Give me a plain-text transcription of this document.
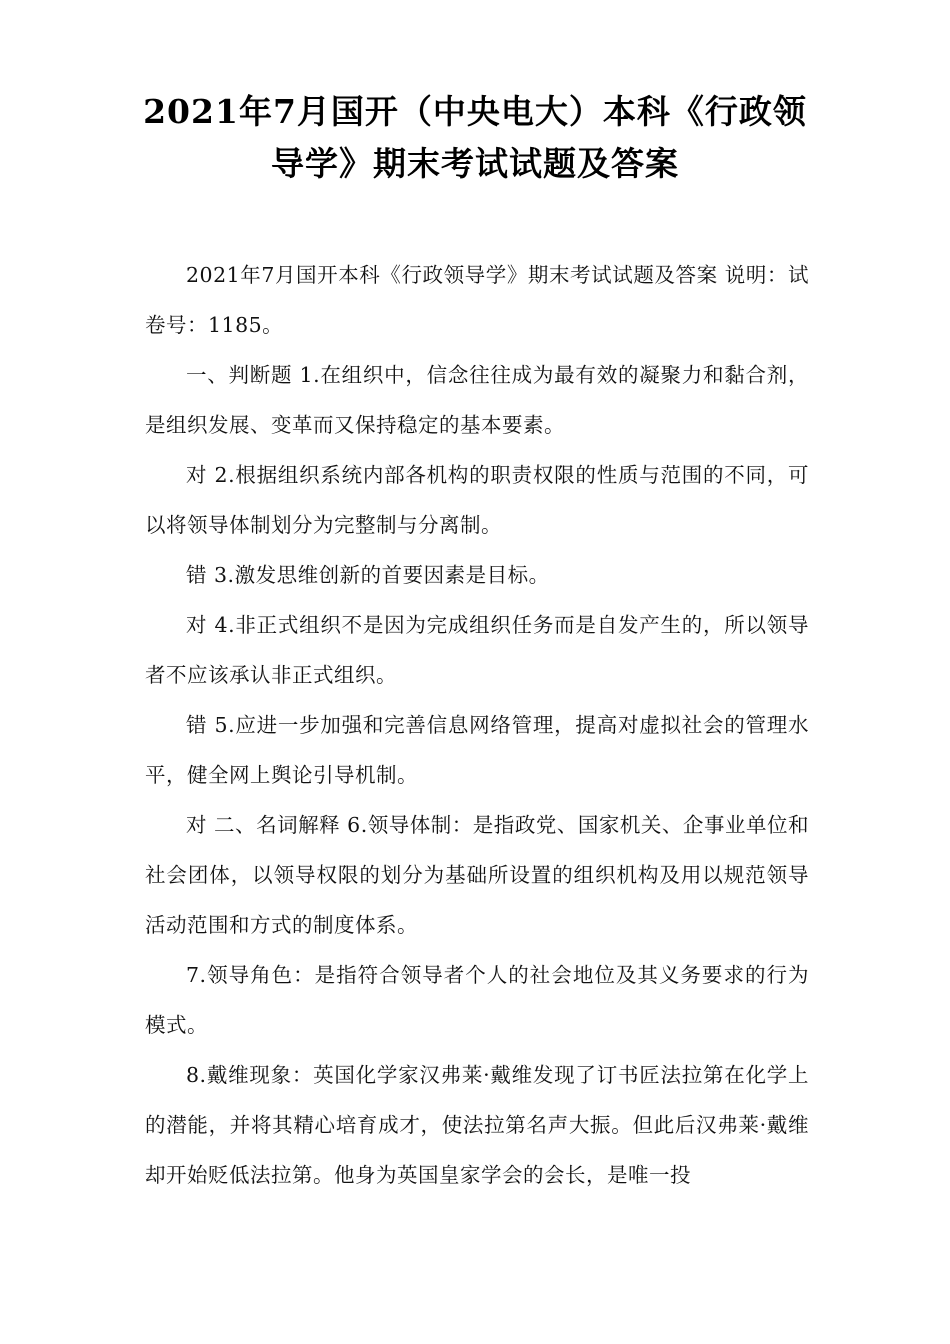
2021年7月国开（中央电大）本科《行政领
导学》期末考试试题及答案

2021年7月国开本科《行政领导学》期末考试试题及答案 说明：试卷号：1185。

一、判断题 1.在组织中，信念往往成为最有效的凝聚力和黏合剂，是组织发展、变革而又保持稳定的基本要素。

对 2.根据组织系统内部各机构的职责权限的性质与范围的不同，可以将领导体制划分为完整制与分离制。

错 3.激发思维创新的首要因素是目标。

对 4.非正式组织不是因为完成组织任务而是自发产生的，所以领导者不应该承认非正式组织。

错 5.应进一步加强和完善信息网络管理，提高对虚拟社会的管理水平，健全网上舆论引导机制。

对 二、名词解释 6.领导体制：是指政党、国家机关、企事业单位和社会团体，以领导权限的划分为基础所设置的组织机构及用以规范领导活动范围和方式的制度体系。

7.领导角色：是指符合领导者个人的社会地位及其义务要求的行为模式。

8.戴维现象：英国化学家汉弗莱·戴维发现了订书匠法拉第在化学上的潜能，并将其精心培育成才，使法拉第名声大振。但此后汉弗莱·戴维却开始贬低法拉第。他身为英国皇家学会的会长，是唯一投
